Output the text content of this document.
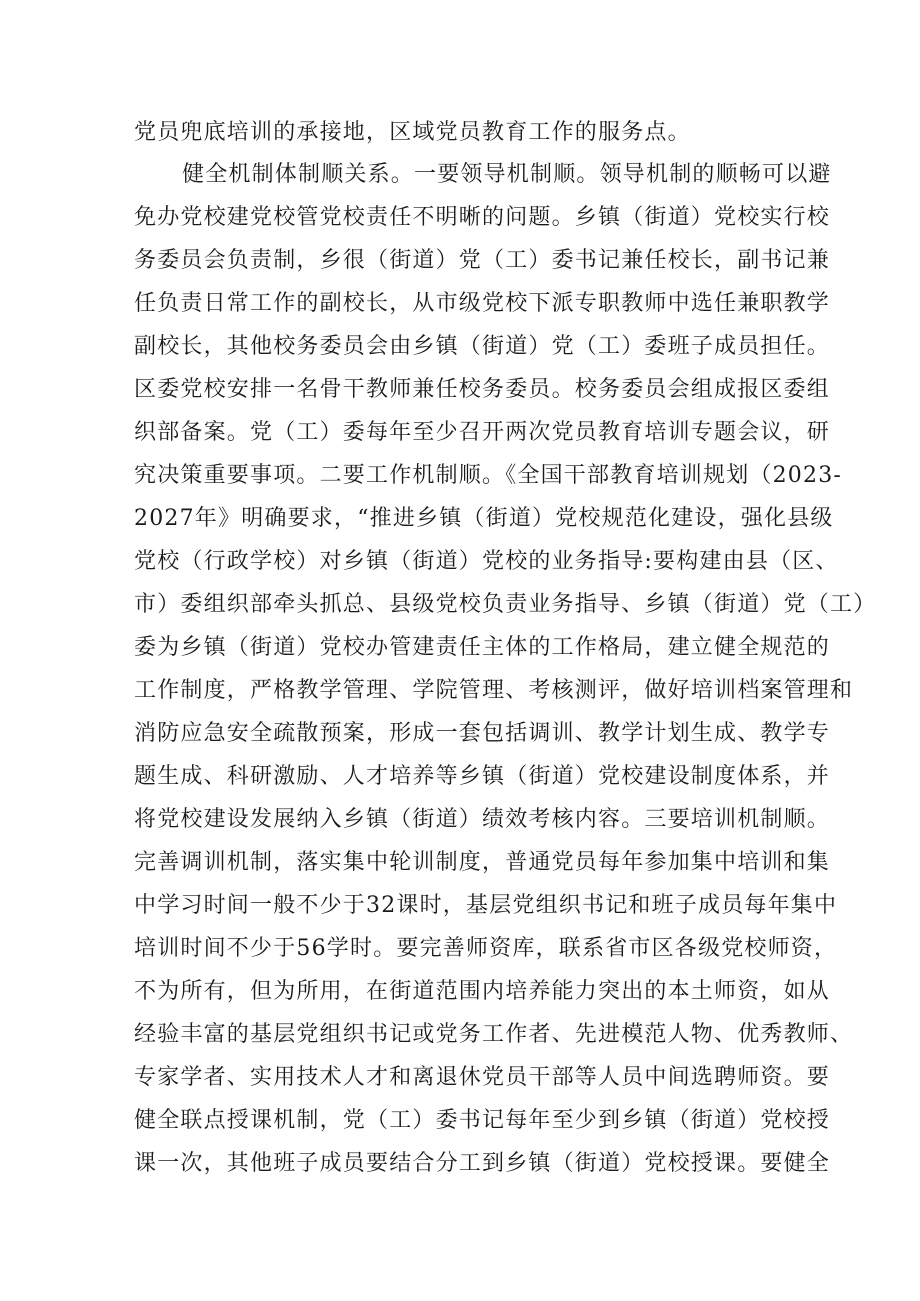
党员兜底培训的承接地，区域党员教育工作的服务点。
健全机制体制顺关系。一要领导机制顺。领导机制的顺畅可以避
免办党校建党校管党校责任不明晰的问题。乡镇（街道）党校实行校
务委员会负责制，乡很（街道）党（工）委书记兼任校长，副书记兼
任负责日常工作的副校长，从市级党校下派专职教师中选任兼职教学
副校长，其他校务委员会由乡镇（街道）党（工）委班子成员担任。
区委党校安排一名骨干教师兼任校务委员。校务委员会组成报区委组
织部备案。党（工）委每年至少召开两次党员教育培训专题会议，研
究决策重要事项。二要工作机制顺。《全国干部教育培训规划（2023-
2027年》明确要求，“推进乡镇（街道）党校规范化建设，强化县级
党校（行政学校）对乡镇（街道）党校的业务指导:要构建由县（区、
市）委组织部牵头抓总、县级党校负责业务指导、乡镇（街道）党（工）
委为乡镇（街道）党校办管建责任主体的工作格局，建立健全规范的
工作制度，严格教学管理、学院管理、考核测评，做好培训档案管理和
消防应急安全疏散预案，形成一套包括调训、教学计划生成、教学专
题生成、科研激励、人才培养等乡镇（街道）党校建设制度体系，并
将党校建设发展纳入乡镇（街道）绩效考核内容。三要培训机制顺。
完善调训机制，落实集中轮训制度，普通党员每年参加集中培训和集
中学习时间一般不少于32课时，基层党组织书记和班子成员每年集中
培训时间不少于56学时。要完善师资库，联系省市区各级党校师资，
不为所有，但为所用，在街道范围内培养能力突出的本土师资，如从
经验丰富的基层党组织书记或党务工作者、先进模范人物、优秀教师、
专家学者、实用技术人才和离退休党员干部等人员中间选聘师资。要
健全联点授课机制，党（工）委书记每年至少到乡镇（街道）党校授
课一次，其他班子成员要结合分工到乡镇（街道）党校授课。要健全
